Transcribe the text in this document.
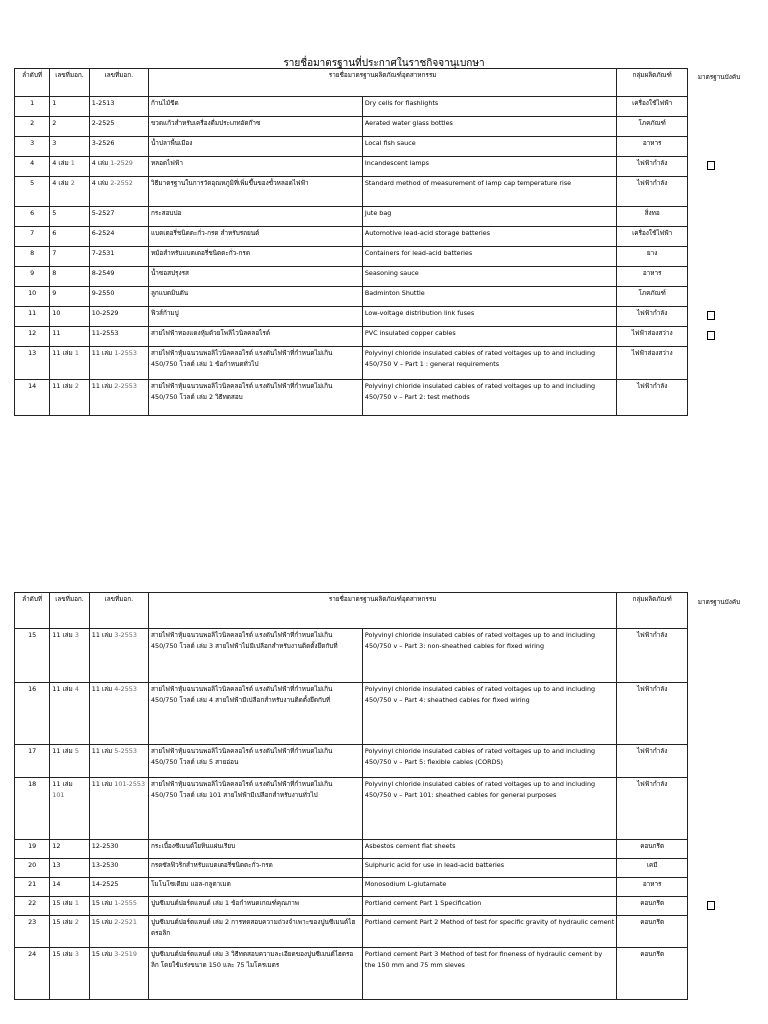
รายชื่อมาตรฐานที่ประกาศในราชกิจจานุเบกษา
มาตรฐานบังคับ
ลำดับที่	เลขที่มอก.	เลขที่มอก.	รายชื่อมาตรฐานผลิตภัณฑ์อุตสาหกรรม		กลุ่มผลิตภัณฑ์
1	1	1-2513	ก้านไม้ขีด	Dry cells for flashlights	เครื่องใช้ไฟฟ้า
2	2	2-2525	ขวดแก้วสำหรับเครื่องดื่มประเภทอัดก๊าซ	Aerated water glass bottles	โภคภัณฑ์
3	3	3-2526	น้ำปลาพื้นเมือง	Local fish sauce	อาหาร
4	4 เล่ม 1	4 เล่ม 1-2529	หลอดไฟฟ้า	Incandescent lamps	ไฟฟ้ากำลัง
5	4 เล่ม 2	4 เล่ม 2-2552	วิธีมาตรฐานในการวัดอุณหภูมิที่เพิ่มขึ้นของขั้วหลอดไฟฟ้า	Standard method of measurement of lamp cap temperature rise	ไฟฟ้ากำลัง
6	5	5-2527	กระสอบปอ	Jute bag	สิ่งทอ
7	6	6-2524	แบตเตอรี่ชนิดตะกั่ว-กรด สำหรับรถยนต์	Automotive lead-acid storage batteries	เครื่องใช้ไฟฟ้า
8	7	7-2531	หม้อสำหรับแบตเตอรี่ชนิดตะกั่ว-กรด	Containers for lead-acid batteries	ยาง
9	8	8-2549	น้ำซอสปรุงรส	Seasoning sauce	อาหาร
10	9	9-2550	ลูกแบดมินตัน	Badminton Shuttle	โภคภัณฑ์
11	10	10-2529	ฟิวส์ก้ามปู	Low-voltage distribution link fuses	ไฟฟ้ากำลัง
12	11	11-2553	สายไฟฟ้าทองแดงหุ้มด้วยโพลิไวนิลคลอไรด์	PVC insulated copper cables	ไฟฟ้าส่องสว่าง
13	11 เล่ม 1	11 เล่ม 1-2553	สายไฟฟ้าหุ้มฉนวนพอลิไวนิลคลอไรด์ แรงดันไฟฟ้าที่กำหนดไม่เกิน 450/750 โวลต์ เล่ม 1 ข้อกำหนดทั่วไป	Polyvinyl chloride insulated cables of rated voltages up to and including 450/750 V – Part 1 : general requirements	ไฟฟ้าส่องสว่าง
14	11 เล่ม 2	11 เล่ม 2-2553	สายไฟฟ้าหุ้มฉนวนพอลิไวนิลคลอไรด์ แรงดันไฟฟ้าที่กำหนดไม่เกิน 450/750 โวลต์ เล่ม 2 วิธีทดสอบ	Polyvinyl chloride insulated cables of rated voltages up to and including 450/750 v – Part 2: test methods	ไฟฟ้ากำลัง
มาตรฐานบังคับ
ลำดับที่	เลขที่มอก.	เลขที่มอก.	รายชื่อมาตรฐานผลิตภัณฑ์อุตสาหกรรม		กลุ่มผลิตภัณฑ์
15	11 เล่ม 3	11 เล่ม 3-2553	สายไฟฟ้าหุ้มฉนวนพอลิไวนิลคลอไรด์ แรงดันไฟฟ้าที่กำหนดไม่เกิน 450/750 โวลต์ เล่ม 3 สายไฟฟ้าไม่มีเปลือกสำหรับงานติดตั้งยึดกับที่	Polyvinyl chloride insulated cables of rated voltages up to and including 450/750 v – Part 3: non-sheathed cables for fixed wiring	ไฟฟ้ากำลัง
16	11 เล่ม 4	11 เล่ม 4-2553	สายไฟฟ้าหุ้มฉนวนพอลิไวนิลคลอไรด์ แรงดันไฟฟ้าที่กำหนดไม่เกิน 450/750 โวลต์ เล่ม 4 สายไฟฟ้ามีเปลือกสำหรับงานติดตั้งยึดกับที่	Polyvinyl chloride insulated cables of rated voltages up to and including 450/750 v – Part 4: sheathed cables for fixed wiring	ไฟฟ้ากำลัง
17	11 เล่ม 5	11 เล่ม 5-2553	สายไฟฟ้าหุ้มฉนวนพอลิไวนิลคลอไรด์ แรงดันไฟฟ้าที่กำหนดไม่เกิน 450/750 โวลต์ เล่ม 5 สายอ่อน	Polyvinyl chloride insulated cables of rated voltages up to and including 450/750 v – Part 5: flexible cables (CORDS)	ไฟฟ้ากำลัง
18	11 เล่ม 101	11 เล่ม 101-2553	สายไฟฟ้าหุ้มฉนวนพอลิไวนิลคลอไรด์ แรงดันไฟฟ้าที่กำหนดไม่เกิน 450/750 โวลต์ เล่ม 101 สายไฟฟ้ามีเปลือกสำหรับงานทั่วไป	Polyvinyl chloride insulated cables of rated voltages up to and including 450/750 v – Part 101: sheathed cables for general purposes	ไฟฟ้ากำลัง
19	12	12-2530	กระเบื้องซีเมนต์ใยหินแผ่นเรียบ	Asbestos cement flat sheets	คอนกรีต
20	13	13-2530	กรดซัลฟิวริกสำหรับแบตเตอรี่ชนิดตะกั่ว-กรด	Sulphuric acid for use in lead-acid batteries	เคมี
21	14	14-2525	โมโนโซเดียม แอล-กลูตาเมต	Monosodium L-glutamate	อาหาร
22	15 เล่ม 1	15 เล่ม 1-2555	ปูนซีเมนต์ปอร์ตแลนด์ เล่ม 1 ข้อกำหนดเกณฑ์คุณภาพ	Portland cement Part 1 Specification	คอนกรีต
23	15 เล่ม 2	15 เล่ม 2-2521	ปูนซีเมนต์ปอร์ตแลนด์ เล่ม 2 การทดสอบความถ่วงจำเพาะของปูนซีเมนต์ไฮดรอลิก	Portland cement Part 2 Method of test for specific gravity of hydraulic cement	คอนกรีต
24	15 เล่ม 3	15 เล่ม 3-2519	ปูนซีเมนต์ปอร์ตแลนด์ เล่ม 3 วิธีทดสอบความละเอียดของปูนซีเมนต์ไฮดรอลิก โดยใช้แร่งขนาด 150 และ 75 ไมโครเมตร	Portland cement Part 3 Method of test for fineness of hydraulic cement by the 150 mm and 75 mm sieves	คอนกรีต
